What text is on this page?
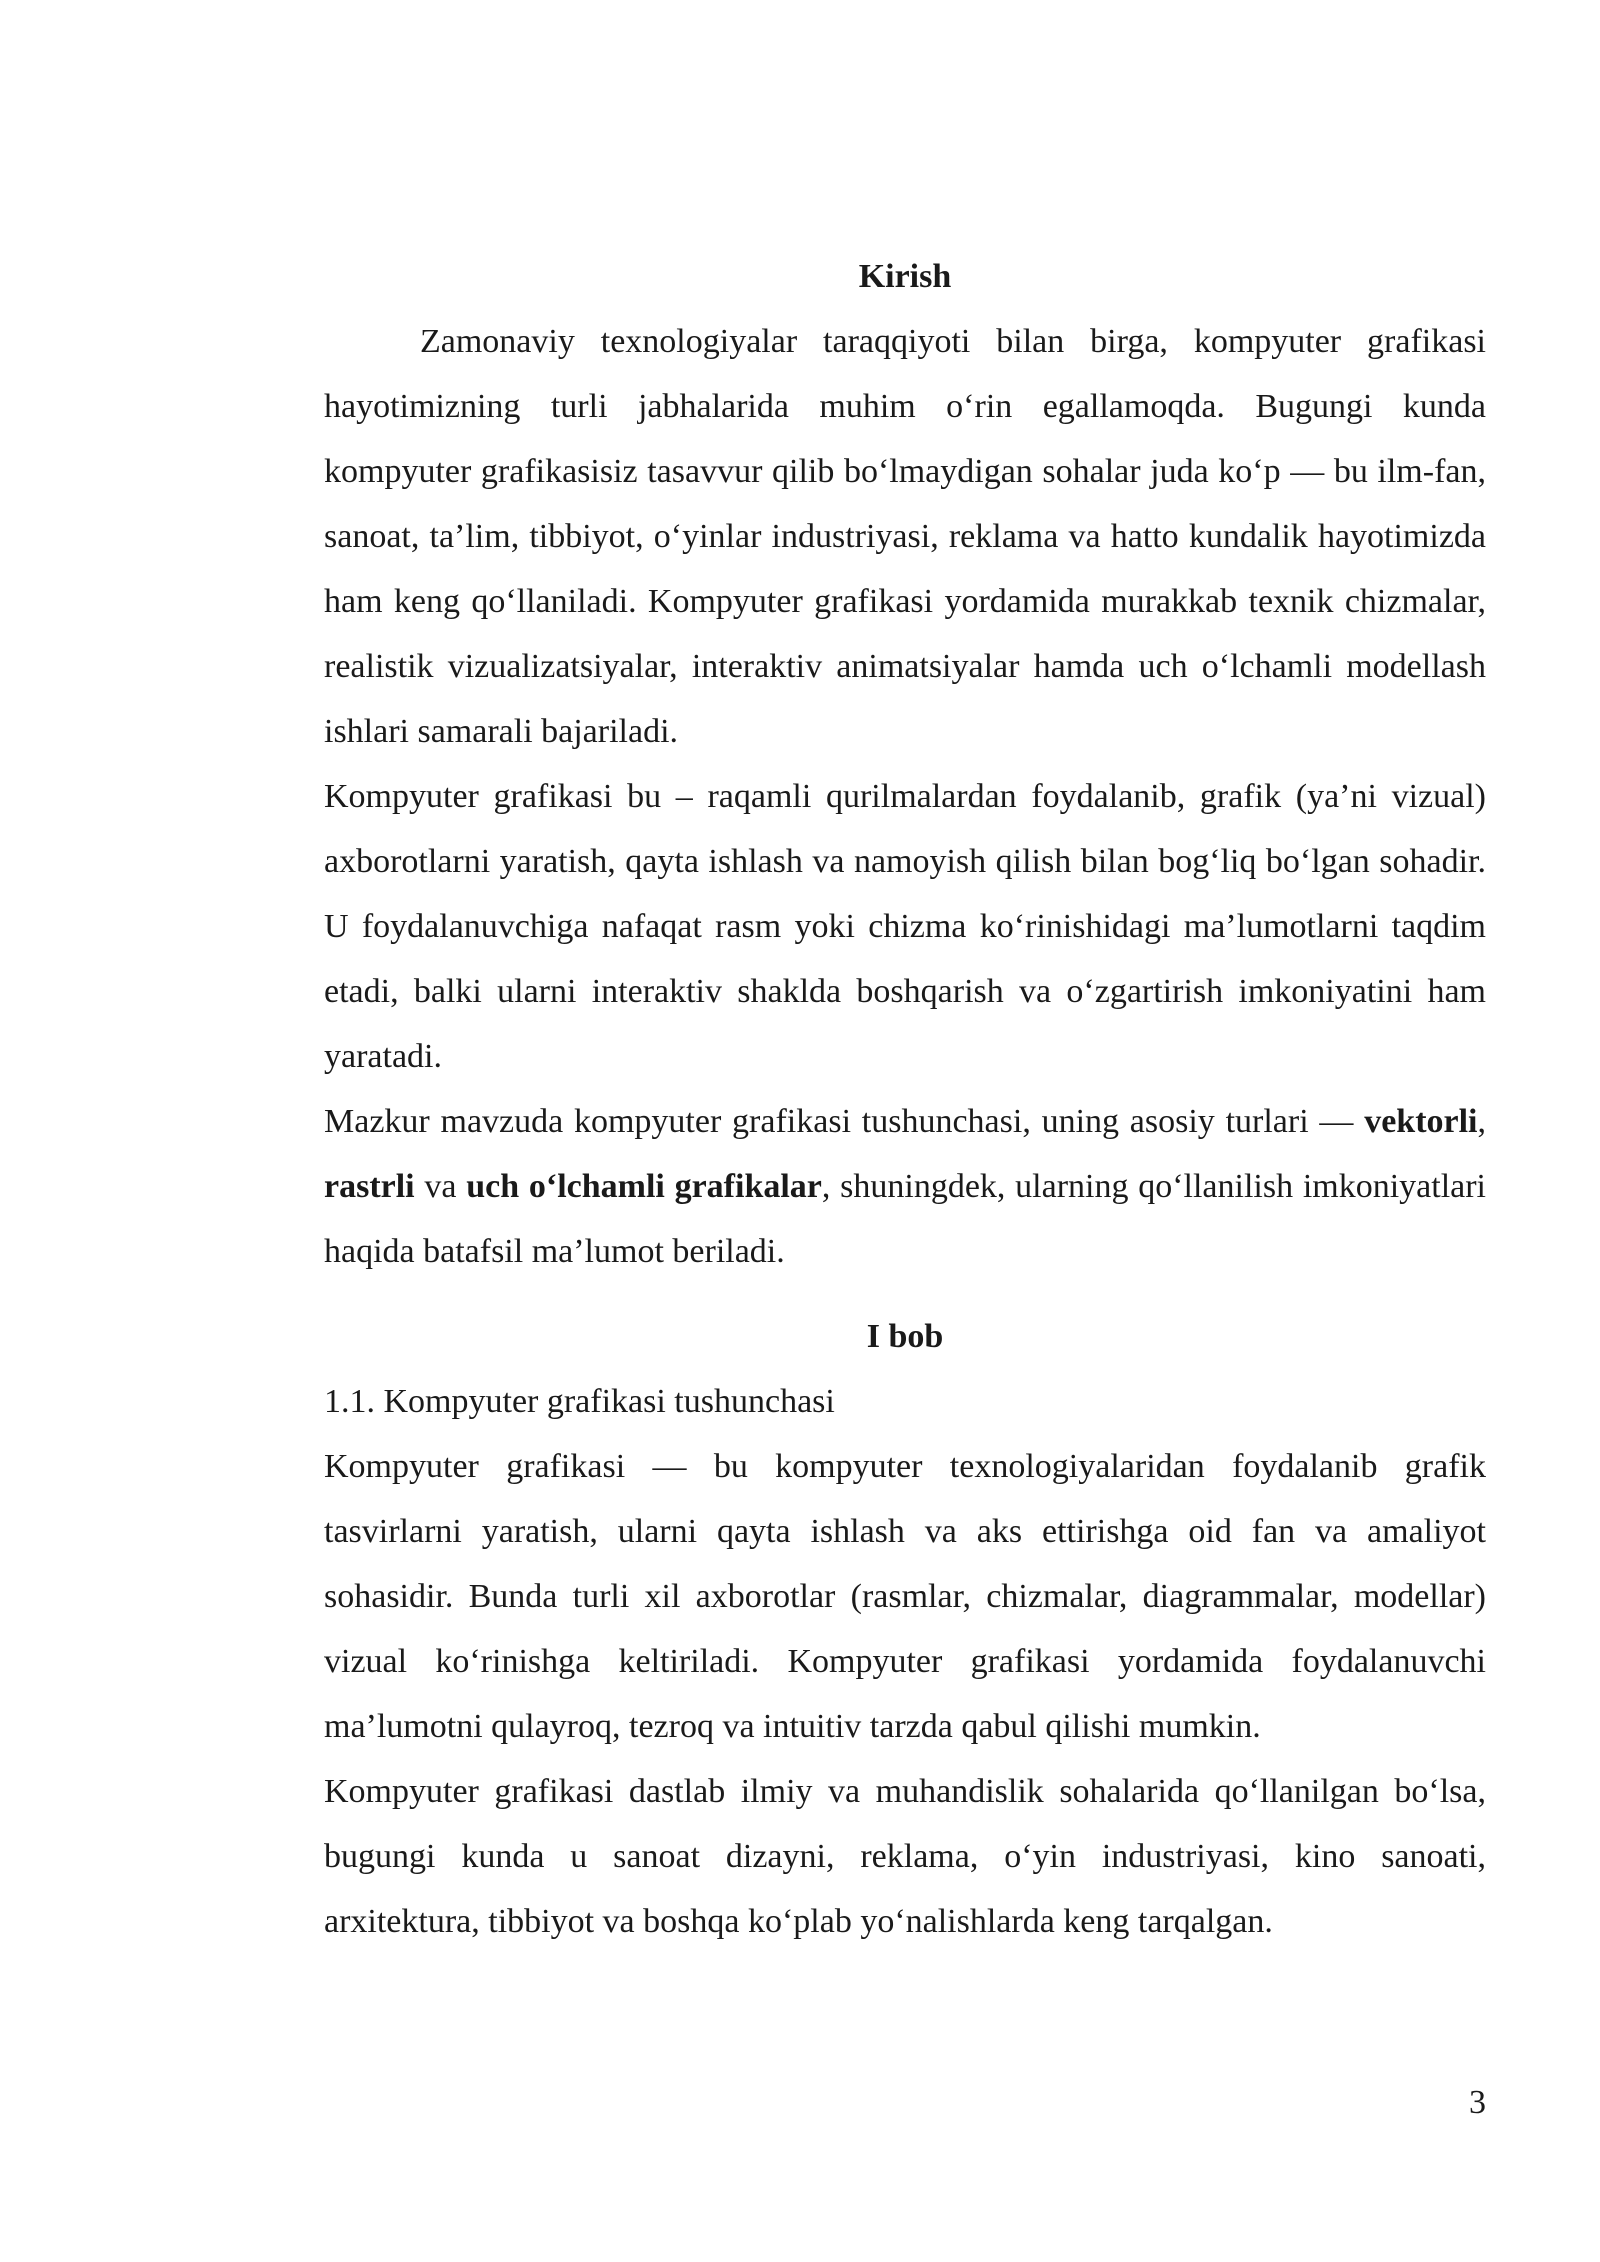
Kirish

Zamonaviy texnologiyalar taraqqiyoti bilan birga, kompyuter grafikasi hayotimizning turli jabhalarida muhim o‘rin egallamoqda. Bugungi kunda kompyuter grafikasisiz tasavvur qilib bo‘lmaydigan sohalar juda ko‘p — bu ilm-fan, sanoat, ta’lim, tibbiyot, o‘yinlar industriyasi, reklama va hatto kundalik hayotimizda ham keng qo‘llaniladi. Kompyuter grafikasi yordamida murakkab texnik chizmalar, realistik vizualizatsiyalar, interaktiv animatsiyalar hamda uch o‘lchamli modellash ishlari samarali bajariladi.

Kompyuter grafikasi bu – raqamli qurilmalardan foydalanib, grafik (ya’ni vizual) axborotlarni yaratish, qayta ishlash va namoyish qilish bilan bog‘liq bo‘lgan sohadir. U foydalanuvchiga nafaqat rasm yoki chizma ko‘rinishidagi ma’lumotlarni taqdim etadi, balki ularni interaktiv shaklda boshqarish va o‘zgartirish imkoniyatini ham yaratadi.

Mazkur mavzuda kompyuter grafikasi tushunchasi, uning asosiy turlari — vektorli, rastrli va uch o‘lchamli grafikalar, shuningdek, ularning qo‘llanilish imkoniyatlari haqida batafsil ma’lumot beriladi.

I bob

1.1. Kompyuter grafikasi tushunchasi

Kompyuter grafikasi — bu kompyuter texnologiyalaridan foydalanib grafik tasvirlarni yaratish, ularni qayta ishlash va aks ettirishga oid fan va amaliyot sohasidir. Bunda turli xil axborotlar (rasmlar, chizmalar, diagrammalar, modellar) vizual ko‘rinishga keltiriladi. Kompyuter grafikasi yordamida foydalanuvchi ma’lumotni qulayroq, tezroq va intuitiv tarzda qabul qilishi mumkin.

Kompyuter grafikasi dastlab ilmiy va muhandislik sohalarida qo‘llanilgan bo‘lsa, bugungi kunda u sanoat dizayni, reklama, o‘yin industriyasi, kino sanoati, arxitektura, tibbiyot va boshqa ko‘plab yo‘nalishlarda keng tarqalgan.

3
